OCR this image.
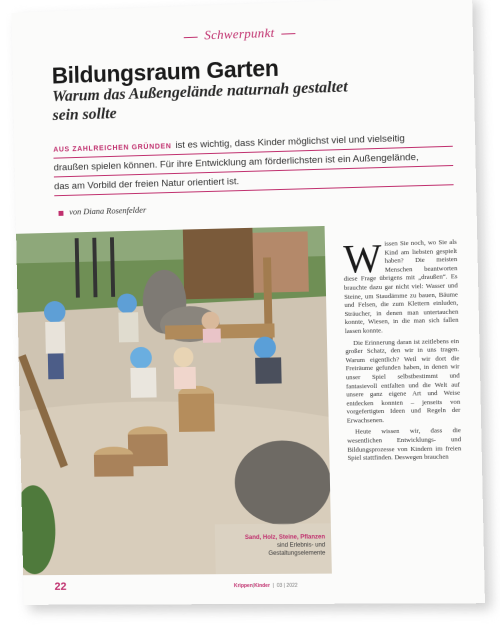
Schwerpunkt
Bildungsraum Garten
Warum das Außengelände naturnah gestaltet sein sollte
AUS ZAHLREICHEN GRÜNDEN ist es wichtig, dass Kinder möglichst viel und vielseitig
draußen spielen können. Für ihre Entwicklung am förderlichsten ist ein Außengelände,
das am Vorbild der freien Natur orientiert ist.
von Diana Rosenfelder
Sand, Holz, Steine, Pflanzen
sind Erlebnis- und Gestaltungselemente
W issen Sie noch, wo Sie als Kind am liebsten gespielt haben? Die meisten Menschen beantworten diese Frage übrigens mit „draußen“. Es brauchte dazu gar nicht viel: Wasser und Steine, um Staudämme zu bauen, Bäume und Felsen, die zum Klettern einluden, Sträucher, in denen man untertauchen konnte, Wiesen, in die man sich fallen lassen konnte.

Die Erinnerung daran ist zeitlebens ein großer Schatz, den wir in uns tragen. Warum eigentlich? Weil wir dort die Freiräume gefunden haben, in denen wir unser Spiel selbstbestimmt und fantasievoll entfalten und die Welt auf unsere ganz eigene Art und Weise entdecken konnten – jenseits von vorgefertigten Ideen und Regeln der Erwachsenen.

Heute wissen wir, dass die wesentlichen Entwicklungs- und Bildungsprozesse von Kindern im freien Spiel stattfinden. Deswegen brauchen

22	Krippen|Kinder  |  03 | 2022
